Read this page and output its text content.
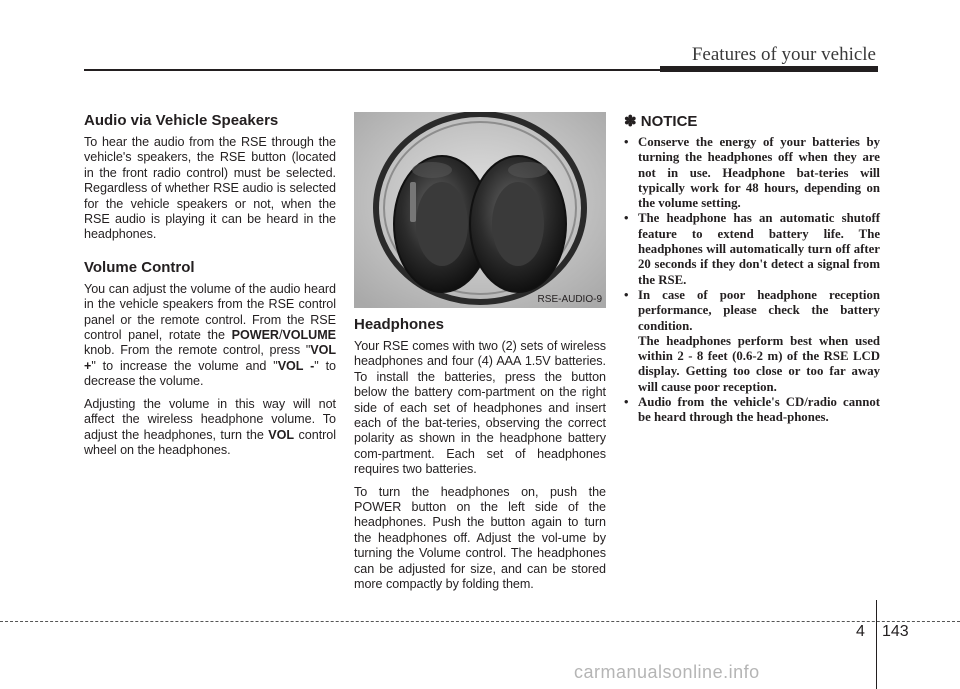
Features of your vehicle
Audio via Vehicle Speakers

To hear the audio from the RSE through the vehicle's speakers, the RSE button (located in the front radio control) must be selected. Regardless of whether RSE audio is selected for the vehicle speakers or not, when the RSE audio is playing it can be heard in the headphones.

Volume Control

You can adjust the volume of the audio heard in the vehicle speakers from the RSE control panel or the remote control. From the RSE control panel, rotate the POWER/VOLUME knob. From the remote control, press "VOL +" to increase the volume and "VOL -" to decrease the volume.

Adjusting the volume in this way will not affect the wireless headphone volume. To adjust the headphones, turn the VOL control wheel on the headphones.

RSE-AUDIO-9
Headphones

Your RSE comes with two (2) sets of wireless headphones and four (4) AAA 1.5V batteries. To install the batteries, press the button below the battery com-partment on the right side of each set of headphones and insert each of the bat-teries, observing the correct polarity as shown in the headphone battery com-partment. Each set of headphones requires two batteries.

To turn the headphones on, push the POWER button on the left side of the headphones. Push the button again to turn the headphones off. Adjust the vol-ume by turning the Volume control. The headphones can be adjusted for size, and can be stored more compactly by folding them.

✽ NOTICE
• Conserve the energy of your batteries by turning the headphones off when they are not in use. Headphone bat-teries will typically work for 48 hours, depending on the volume setting.
• The headphone has an automatic shutoff feature to extend battery life. The headphones will automatically turn off after 20 seconds if they don't detect a signal from the RSE.
• In case of poor headphone reception performance, please check the battery condition.
The headphones perform best when used within 2 - 8 feet (0.6-2 m) of the RSE LCD display. Getting too close or too far away will cause poor reception.
• Audio from the vehicle's CD/radio cannot be heard through the head-phones.
4 143
carmanualsonline.info
